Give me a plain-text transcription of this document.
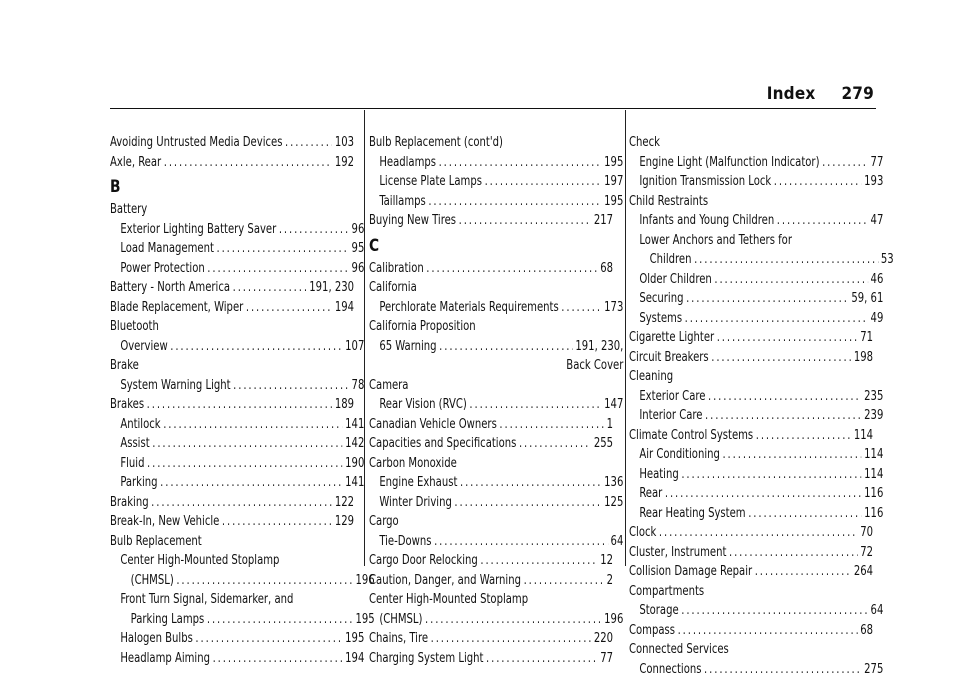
Index 279
Avoiding Untrusted Media Devices .....	103
Axle, Rear .....	192
B
Battery
Exterior Lighting Battery Saver .....	96
Load Management .....	95
Power Protection .....	96
Battery - North America .....	191, 230
Blade Replacement, Wiper .....	194
Bluetooth
Overview .....	107
Brake
System Warning Light .....	78
Brakes .....	189
Antilock .....	141
Assist .....	142
Fluid .....	190
Parking .....	141
Braking .....	122
Break-In, New Vehicle .....	129
Bulb Replacement
Center High-Mounted Stoplamp
(CHMSL) .....	196
Front Turn Signal, Sidemarker, and
Parking Lamps .....	195
Halogen Bulbs .....	195
Headlamp Aiming .....	194
Bulb Replacement (cont'd)
Headlamps .....	195
License Plate Lamps .....	197
Taillamps .....	195
Buying New Tires .....	217
C
Calibration .....	68
California
Perchlorate Materials Requirements .....	173
California Proposition
65 Warning .....	191, 230,
Back Cover
Camera
Rear Vision (RVC) .....	147
Canadian Vehicle Owners .....	1
Capacities and Specifications .....	255
Carbon Monoxide
Engine Exhaust .....	136
Winter Driving .....	125
Cargo
Tie-Downs .....	64
Cargo Door Relocking .....	12
Caution, Danger, and Warning .....	2
Center High-Mounted Stoplamp
(CHMSL) .....	196
Chains, Tire .....	220
Charging System Light .....	77
Check
Engine Light (Malfunction Indicator) .....	77
Ignition Transmission Lock .....	193
Child Restraints
Infants and Young Children .....	47
Lower Anchors and Tethers for
Children .....	53
Older Children .....	46
Securing .....	59, 61
Systems .....	49
Cigarette Lighter .....	71
Circuit Breakers .....	198
Cleaning
Exterior Care .....	235
Interior Care .....	239
Climate Control Systems .....	114
Air Conditioning .....	114
Heating .....	114
Rear .....	116
Rear Heating System .....	116
Clock .....	70
Cluster, Instrument .....	72
Collision Damage Repair .....	264
Compartments
Storage .....	64
Compass .....	68
Connected Services
Connections .....	275
